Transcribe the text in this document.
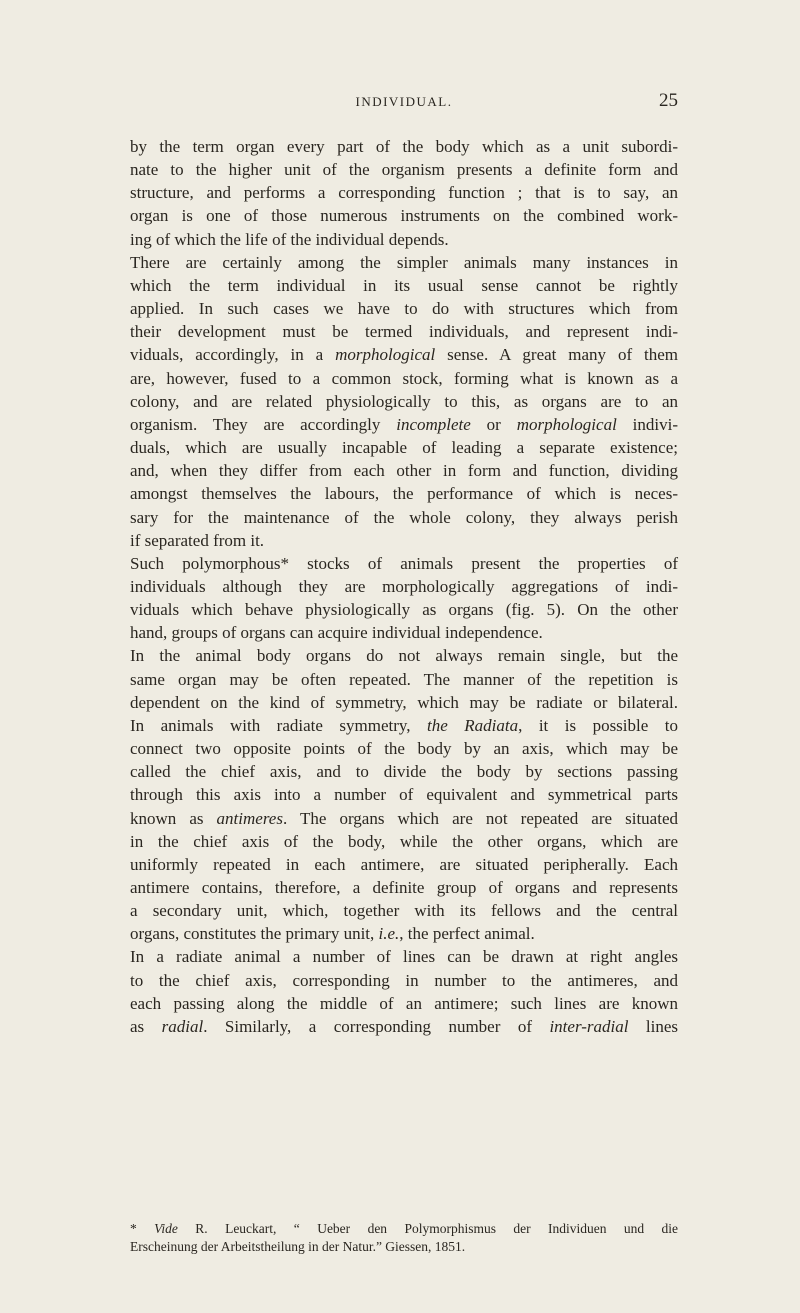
INDIVIDUAL.	25
by the term organ every part of the body which as a unit subordi-
nate to the higher unit of the organism presents a definite form and
structure, and performs a corresponding function ; that is to say, an
organ is one of those numerous instruments on the combined work-
ing of which the life of the individual depends.
There are certainly among the simpler animals many instances in
which the term individual in its usual sense cannot be rightly
applied. In such cases we have to do with structures which from
their development must be termed individuals, and represent indi-
viduals, accordingly, in a morphological sense. A great many of them
are, however, fused to a common stock, forming what is known as a
colony, and are related physiologically to this, as organs are to an
organism. They are accordingly incomplete or morphological indivi-
duals, which are usually incapable of leading a separate existence;
and, when they differ from each other in form and function, dividing
amongst themselves the labours, the performance of which is neces-
sary for the maintenance of the whole colony, they always perish
if separated from it.
Such polymorphous* stocks of animals present the properties of
individuals although they are morphologically aggregations of indi-
viduals which behave physiologically as organs (fig. 5). On the other
hand, groups of organs can acquire individual independence.
In the animal body organs do not always remain single, but the
same organ may be often repeated. The manner of the repetition is
dependent on the kind of symmetry, which may be radiate or bilateral.
In animals with radiate symmetry, the Radiata, it is possible to
connect two opposite points of the body by an axis, which may be
called the chief axis, and to divide the body by sections passing
through this axis into a number of equivalent and symmetrical parts
known as antimeres. The organs which are not repeated are situated
in the chief axis of the body, while the other organs, which are
uniformly repeated in each antimere, are situated peripherally. Each
antimere contains, therefore, a definite group of organs and represents
a secondary unit, which, together with its fellows and the central
organs, constitutes the primary unit, i.e., the perfect animal.
In a radiate animal a number of lines can be drawn at right angles
to the chief axis, corresponding in number to the antimeres, and
each passing along the middle of an antimere; such lines are known
as radial. Similarly, a corresponding number of inter-radial lines
* Vide R. Leuckart, “ Ueber den Polymorphismus der Individuen und die
Erscheinung der Arbeitstheilung in der Natur.” Giessen, 1851.
